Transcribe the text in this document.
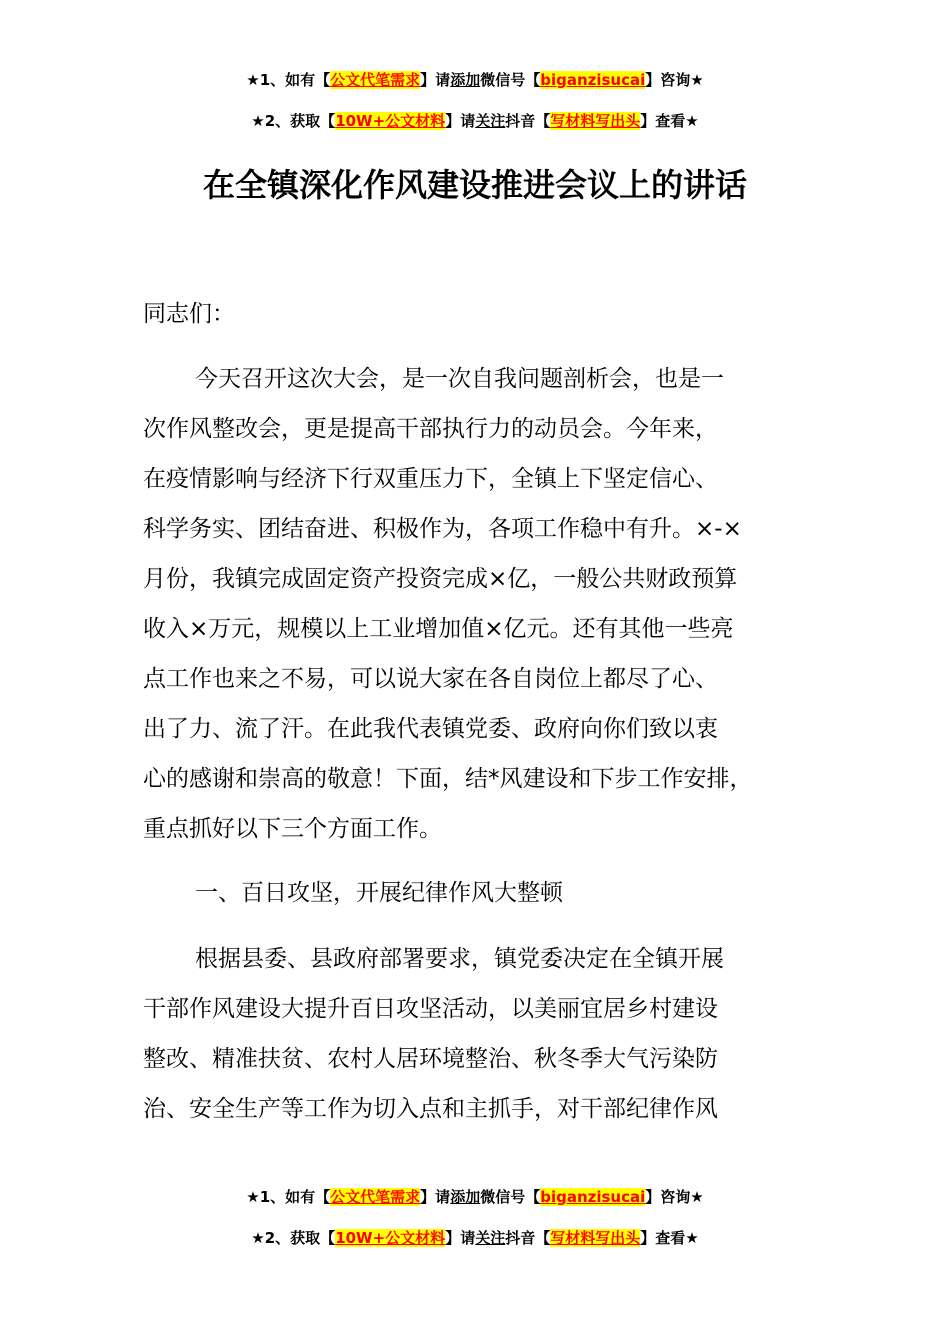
★1、如有【公文代笔需求】请添加微信号【biganzisucai】咨询★
★2、获取【10W+公文材料】请关注抖音【写材料写出头】查看★
在全镇深化作风建设推进会议上的讲话
同志们：
今天召开这次大会，是一次自我问题剖析会，也是一
次作风整改会，更是提高干部执行力的动员会。今年来，
在疫情影响与经济下行双重压力下，全镇上下坚定信心、
科学务实、团结奋进、积极作为，各项工作稳中有升。×-×
月份，我镇完成固定资产投资完成×亿，一般公共财政预算
收入×万元，规模以上工业增加值×亿元。还有其他一些亮
点工作也来之不易，可以说大家在各自岗位上都尽了心、
出了力、流了汗。在此我代表镇党委、政府向你们致以衷
心的感谢和崇高的敬意！下面，结*风建设和下步工作安排，
重点抓好以下三个方面工作。
一、百日攻坚，开展纪律作风大整顿
根据县委、县政府部署要求，镇党委决定在全镇开展
干部作风建设大提升百日攻坚活动，以美丽宜居乡村建设
整改、精准扶贫、农村人居环境整治、秋冬季大气污染防
治、安全生产等工作为切入点和主抓手，对干部纪律作风
★1、如有【公文代笔需求】请添加微信号【biganzisucai】咨询★
★2、获取【10W+公文材料】请关注抖音【写材料写出头】查看★
